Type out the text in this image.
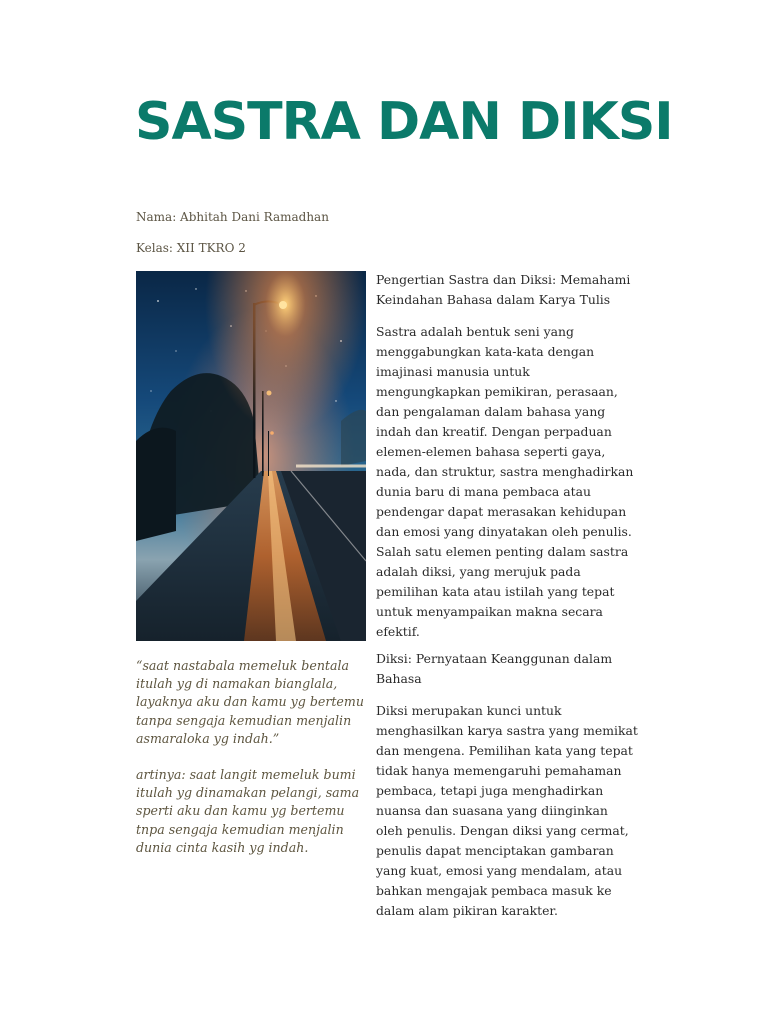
SASTRA DAN DIKSI

Nama: Abhitah Dani Ramadhan

Kelas: XII TKRO 2

Pengertian Sastra dan Diksi: Memahami Keindahan Bahasa dalam Karya Tulis

Sastra adalah bentuk seni yang menggabungkan kata-kata dengan imajinasi manusia untuk mengungkapkan pemikiran, perasaan, dan pengalaman dalam bahasa yang indah dan kreatif. Dengan perpaduan elemen-elemen bahasa seperti gaya, nada, dan struktur, sastra menghadirkan dunia baru di mana pembaca atau pendengar dapat merasakan kehidupan dan emosi yang dinyatakan oleh penulis. Salah satu elemen penting dalam sastra adalah diksi, yang merujuk pada pemilihan kata atau istilah yang tepat untuk menyampaikan makna secara efektif.

“saat nastabala memeluk bentala itulah yg di namakan bianglala, layaknya aku dan kamu yg bertemu tanpa sengaja kemudian menjalin asmaraloka yg indah.”

artinya: saat langit memeluk bumi itulah yg dinamakan pelangi, sama sperti aku dan kamu yg bertemu tnpa sengaja kemudian menjalin dunia cinta kasih yg indah.

Diksi: Pernyataan Keanggunan dalam Bahasa

Diksi merupakan kunci untuk menghasilkan karya sastra yang memikat dan mengena. Pemilihan kata yang tepat tidak hanya memengaruhi pemahaman pembaca, tetapi juga menghadirkan nuansa dan suasana yang diinginkan oleh penulis. Dengan diksi yang cermat, penulis dapat menciptakan gambaran yang kuat, emosi yang mendalam, atau bahkan mengajak pembaca masuk ke dalam alam pikiran karakter.
